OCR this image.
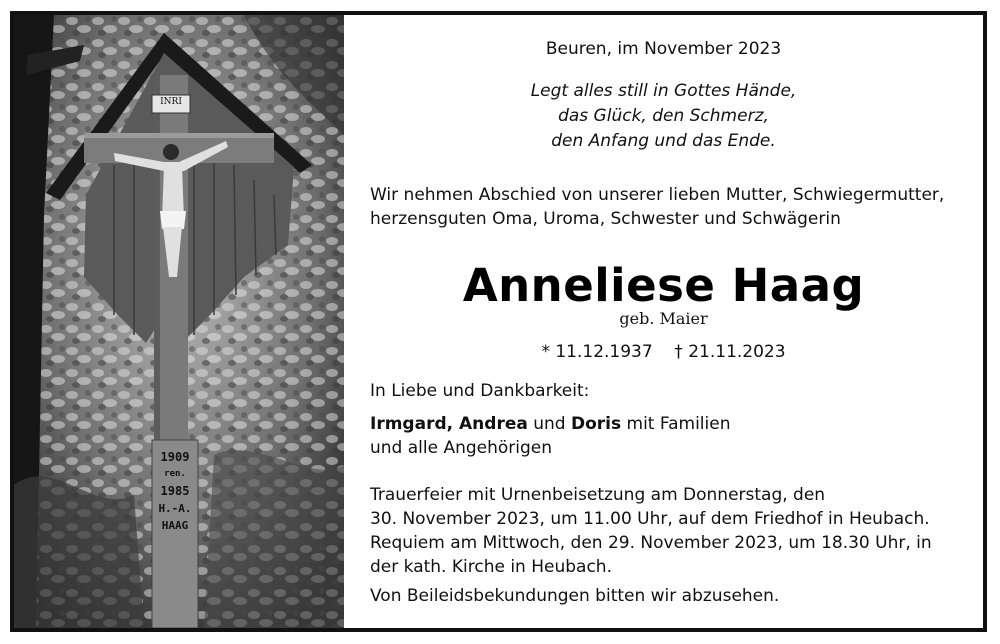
INRI
1909
ren.
1985
H.-A.
HAAG
Beuren, im November 2023
Legt alles still in Gottes Hände,
das Glück, den Schmerz,
den Anfang und das Ende.
Wir nehmen Abschied von unserer lieben Mutter, Schwiegermutter,
herzensguten Oma, Uroma, Schwester und Schwägerin
Anneliese Haag
geb. Maier
* 11.12.1937    † 21.11.2023
In Liebe und Dankbarkeit:
Irmgard, Andrea und Doris mit Familien
und alle Angehörigen
Trauerfeier mit Urnenbeisetzung am Donnerstag, den
30. November 2023, um 11.00 Uhr, auf dem Friedhof in Heubach.
Requiem am Mittwoch, den 29. November 2023, um 18.30 Uhr, in
der kath. Kirche in Heubach.
Von Beileidsbekundungen bitten wir abzusehen.
